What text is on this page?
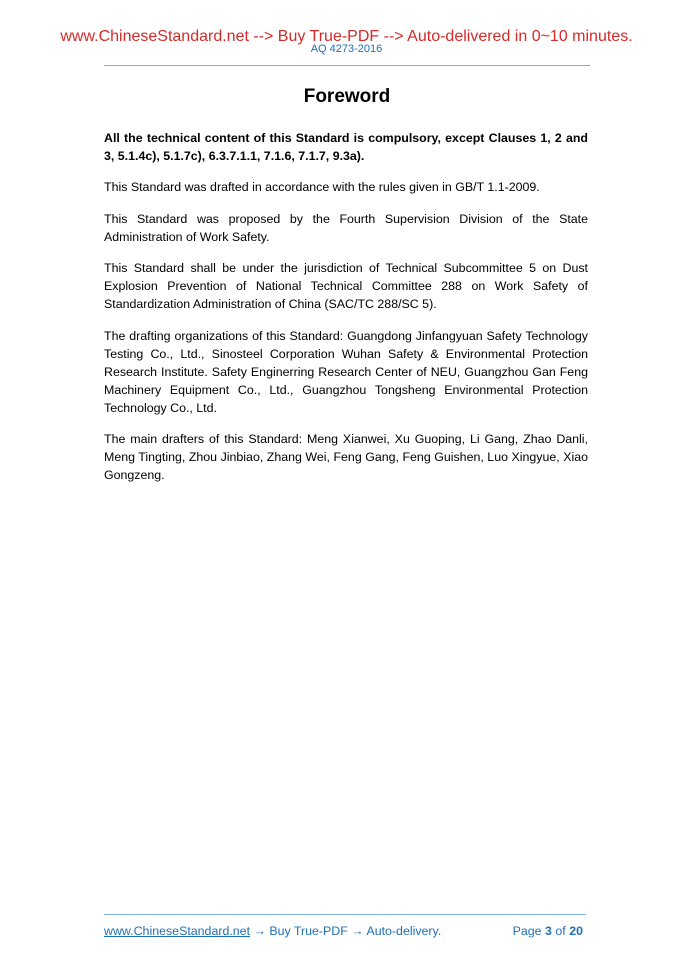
www.ChineseStandard.net --> Buy True-PDF --> Auto-delivered in 0~10 minutes.
AQ 4273-2016
Foreword

All the technical content of this Standard is compulsory, except Clauses 1, 2 and 3, 5.1.4c), 5.1.7c), 6.3.7.1.1, 7.1.6, 7.1.7, 9.3a).

This Standard was drafted in accordance with the rules given in GB/T 1.1-2009.

This Standard was proposed by the Fourth Supervision Division of the State Administration of Work Safety.

This Standard shall be under the jurisdiction of Technical Subcommittee 5 on Dust Explosion Prevention of National Technical Committee 288 on Work Safety of Standardization Administration of China (SAC/TC 288/SC 5).

The drafting organizations of this Standard: Guangdong Jinfangyuan Safety Technology Testing Co., Ltd., Sinosteel Corporation Wuhan Safety & Environmental Protection Research Institute. Safety Enginerring Research Center of NEU, Guangzhou Gan Feng Machinery Equipment Co., Ltd., Guangzhou Tongsheng Environmental Protection Technology Co., Ltd.

The main drafters of this Standard: Meng Xianwei, Xu Guoping, Li Gang, Zhao Danli, Meng Tingting, Zhou Jinbiao, Zhang Wei, Feng Gang, Feng Guishen, Luo Xingyue, Xiao Gongzeng.

www.ChineseStandard.net → Buy True-PDF → Auto-delivery.	Page 3 of 20
